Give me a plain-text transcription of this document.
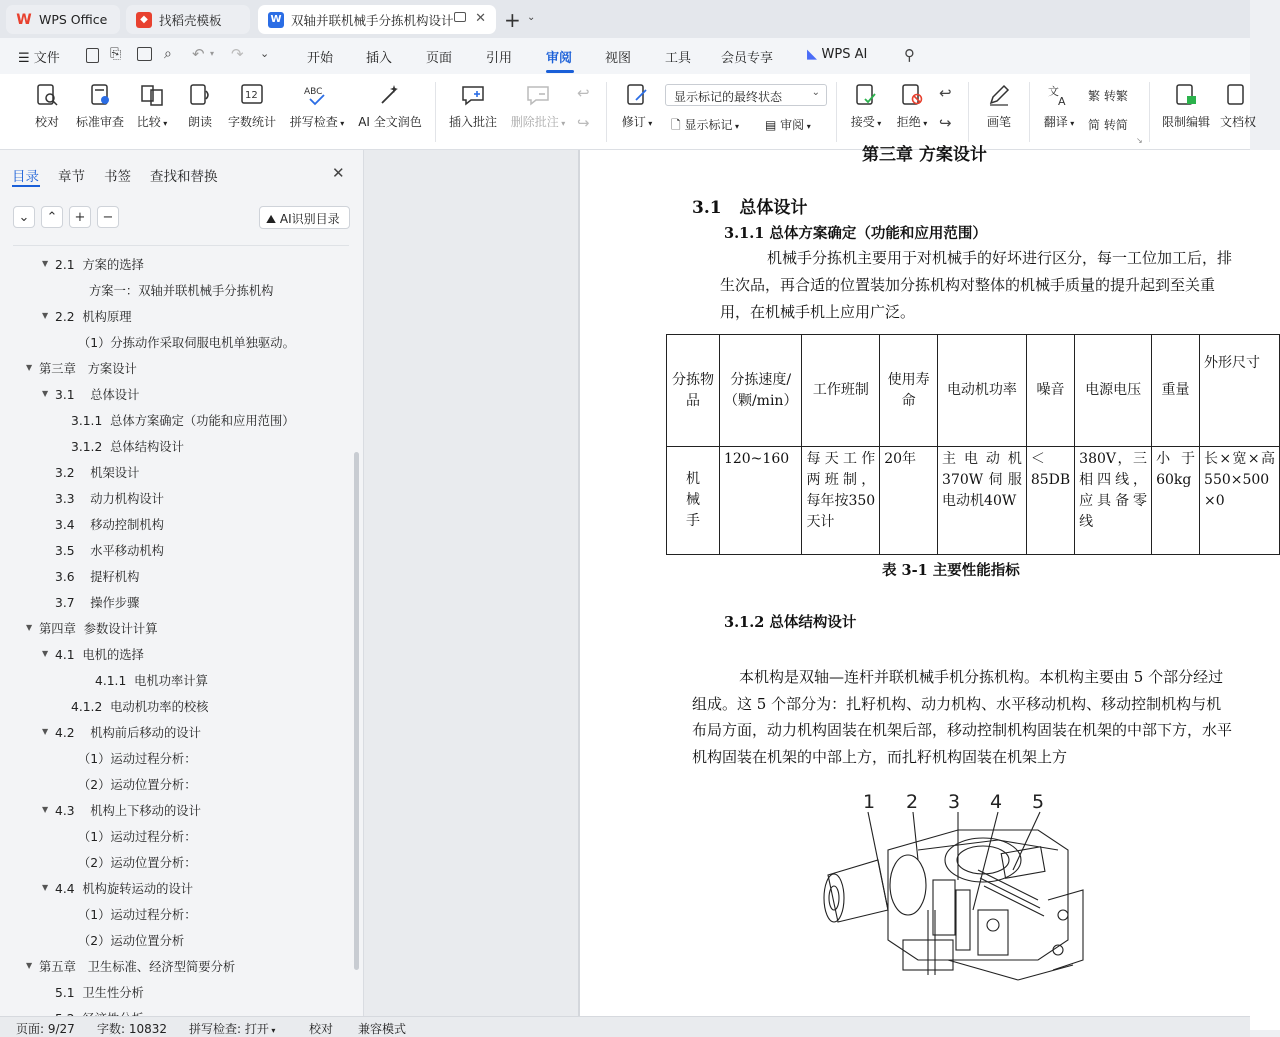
W WPS Office	◆ 找稻壳模板	W 双轴并联机械手分拣机构设计 ✕ + ⌄
☰ 文件	⎘	⌕ ↶ ▾ ↷ ⌄	开始	插入	页面	引用	审阅	视图	工具 会员专享	◣ WPS AI ⚲
校对	标准审查 比较 ▾ 朗读
12
字数统计
ABC
拼写检查 ▾ AI 全文润色 插入批注 删除批注 ▾
↩
↪	修订 ▾
显示标记的最终状态	⌄
🗋 显示标记 ▾ ▤ 审阅 ▾	接受 ▾	拒绝 ▾
↩
↪	画笔
文
A
翻译 ▾
繁 转繁
简 转简	限制编辑 文档权
↘
目录 章节 书签 查找和替换	✕
⌄ ⌃ + −	⛰ AI识别目录
▼ 2.1  方案的选择
方案一：双轴并联机械手分拣机构
▼ 2.2  机构原理
（1）分拣动作采取伺服电机单独驱动。
▼ 第三章   方案设计
▼ 3.1    总体设计
3.1.1  总体方案确定（功能和应用范围）
3.1.2  总体结构设计
3.2    机架设计
3.3    动力机构设计
3.4    移动控制机构
3.5    水平移动机构
3.6    提籽机构
3.7    操作步骤
▼ 第四章  参数设计计算
▼ 4.1  电机的选择
4.1.1  电机功率计算
4.1.2  电动机功率的校核
▼ 4.2    机构前后移动的设计
（1）运动过程分析：
（2）运动位置分析：
▼ 4.3    机构上下移动的设计
（1）运动过程分析：
（2）运动位置分析：
▼ 4.4  机构旋转运动的设计
（1）运动过程分析：
（2）运动位置分析
▼ 第五章   卫生标准、经济型简要分析
5.1  卫生性分析
第三章 方案设计
3.1   总体设计
3.1.1 总体方案确定（功能和应用范围）
机械手分拣机主要用于对机械手的好坏进行区分，每一工位加工后，排
生次品，再合适的位置装加分拣机构对整体的机械手质量的提升起到至关重
用，在机械手机上应用广泛。
分拣物品	分拣速度/（颗/min）	工作班制	使用寿命	电动机功率	噪音	电源电压	重量	外形尺寸
机械手	120~160	每天工作两班制，每年按350天计	20年	主电动机370W伺服电动机40W	＜85DB	380V，三相四线，应具备零线	小于60kg	长×宽×高550×500×0
表 3-1 主要性能指标
3.1.2 总体结构设计
本机构是双轴—连杆并联机械手机分拣机构。本机构主要由 5 个部分经过
组成。这 5 个部分为：扎籽机构、动力机构、水平移动机构、移动控制机构与机
布局方面，动力机构固装在机架后部，移动控制机构固装在机架的中部下方，水平
机构固装在机架的中部上方，而扎籽机构固装在机架上方
1 2 3 4 5
页面: 9/27 字数: 10832 拼写检查: 打开 ▾	校对 兼容模式
